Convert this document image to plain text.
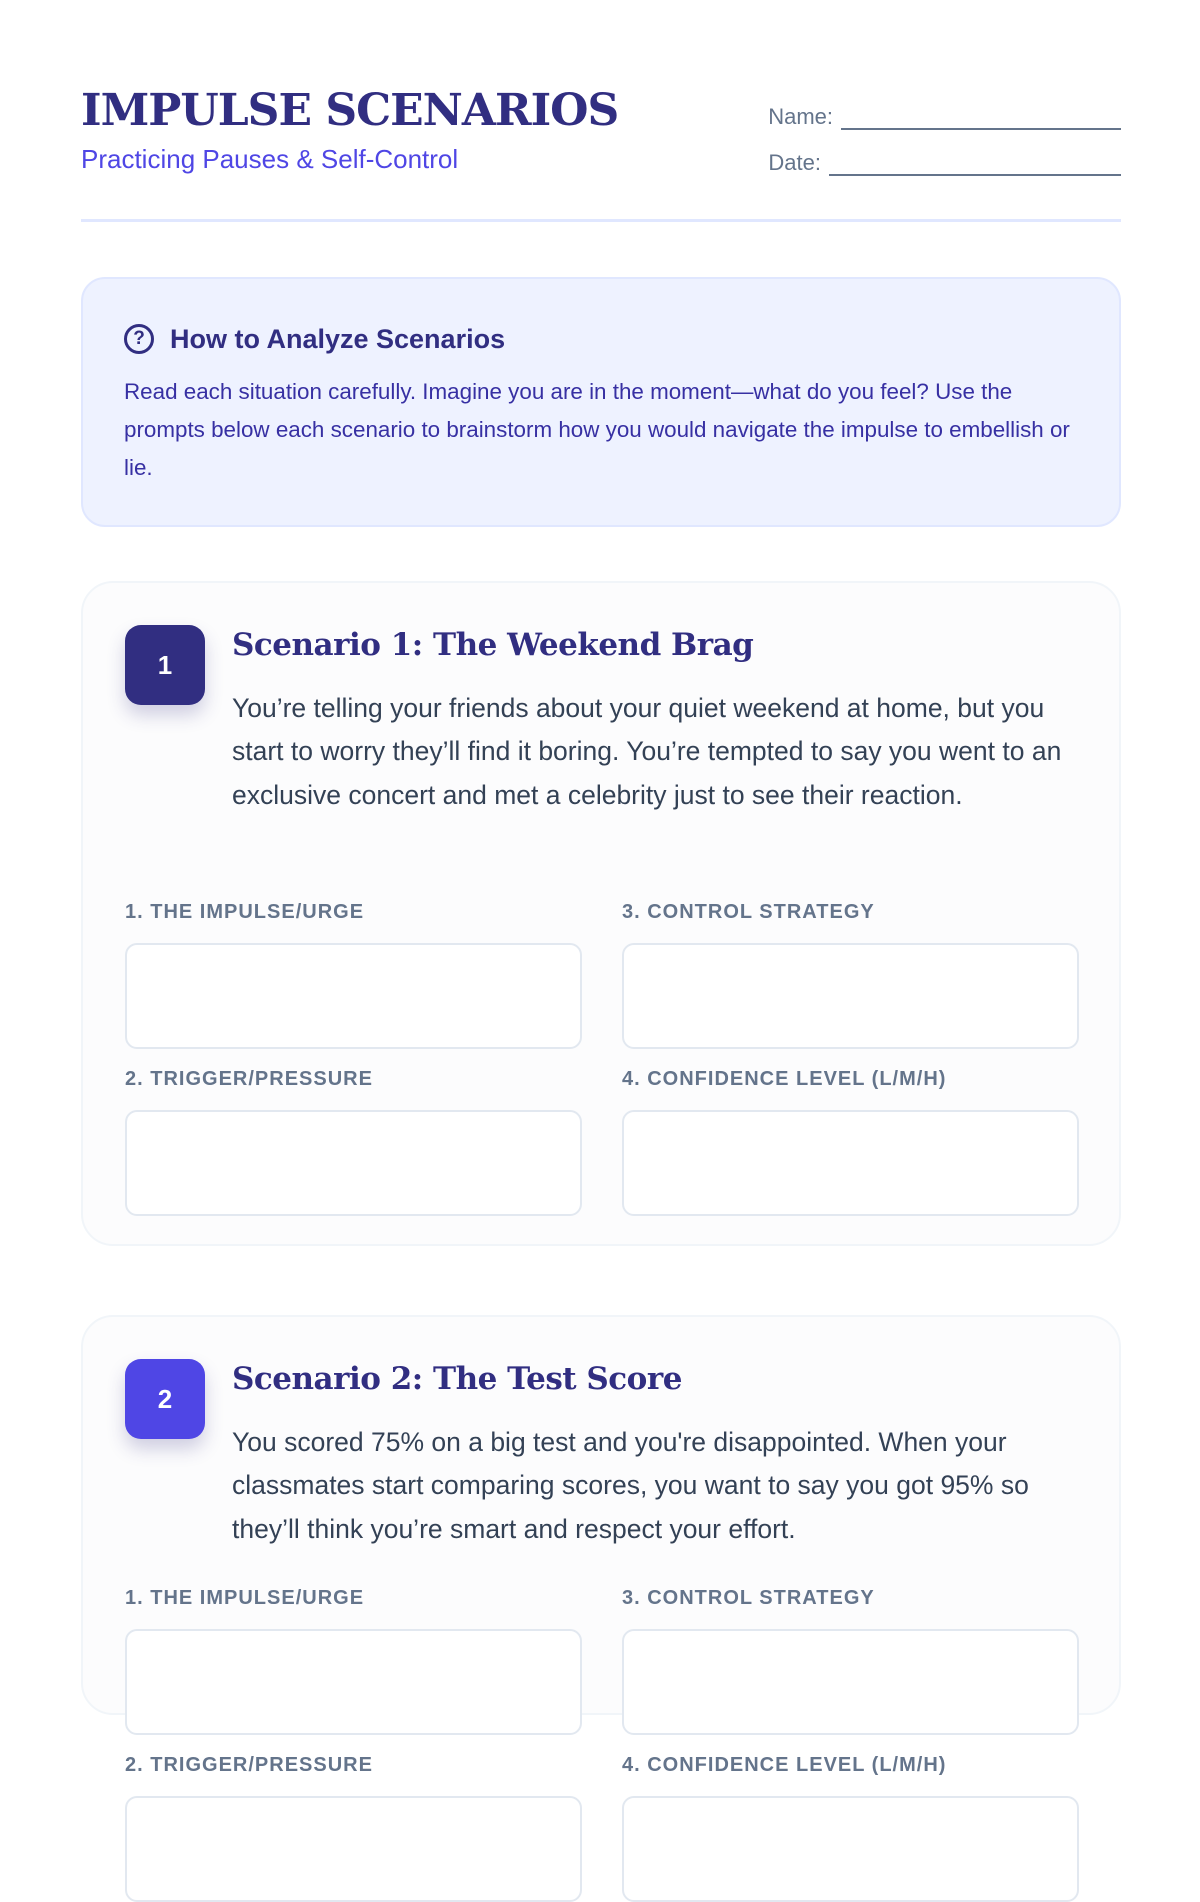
IMPULSE SCENARIOS
Practicing Pauses & Self-Control
Name:
Date:
? How to Analyze Scenarios

Read each situation carefully. Imagine you are in the moment—what do you feel? Use the prompts below each scenario to brainstorm how you would navigate the impulse to embellish or lie.

1
Scenario 1: The Weekend Brag

You’re telling your friends about your quiet weekend at home, but you start to worry they’ll find it boring. You’re tempted to say you went to an exclusive concert and met a celebrity just to see their reaction.

1. THE IMPULSE/URGE	3. CONTROL STRATEGY
2. TRIGGER/PRESSURE	4. CONFIDENCE LEVEL (L/M/H)
2
Scenario 2: The Test Score

You scored 75% on a big test and you're disappointed. When your classmates start comparing scores, you want to say you got 95% so they’ll think you’re smart and respect your effort.

1. THE IMPULSE/URGE	3. CONTROL STRATEGY
2. TRIGGER/PRESSURE	4. CONFIDENCE LEVEL (L/M/H)
